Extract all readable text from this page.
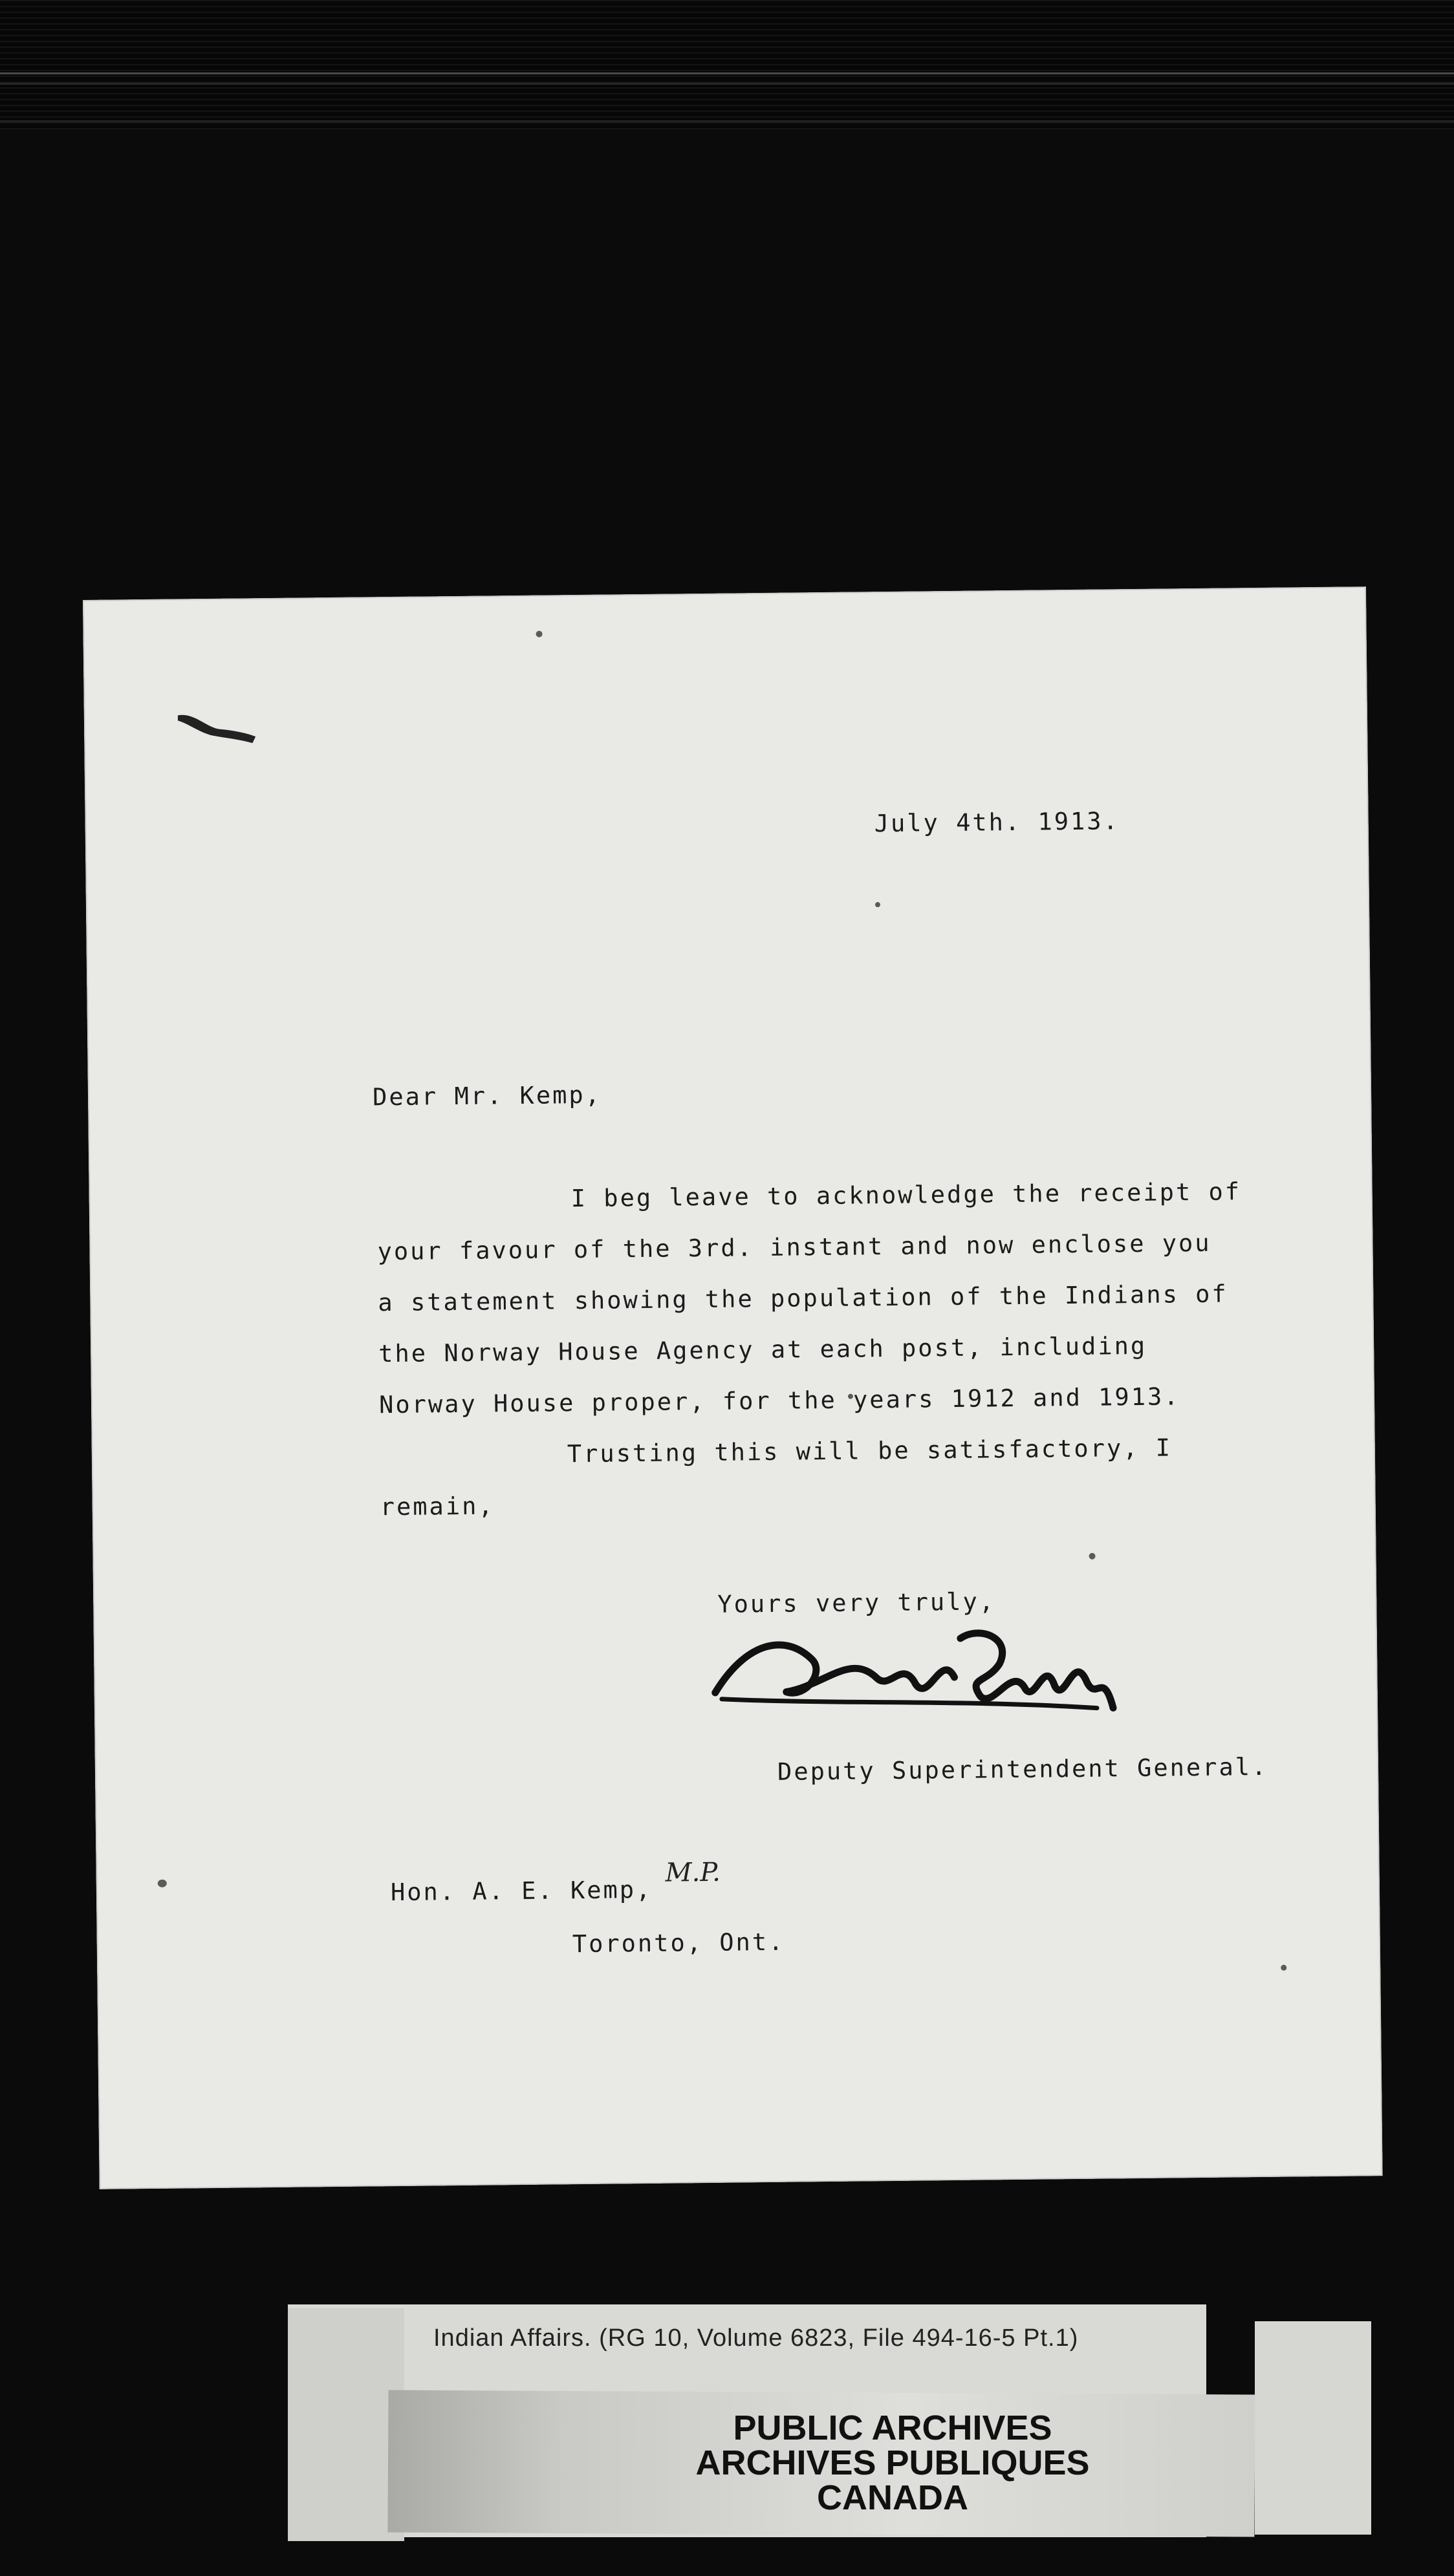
July 4th. 1913.
Dear Mr. Kemp,
I beg leave to acknowledge the receipt of
your favour of the 3rd. instant and now enclose you
a statement showing the population of the Indians of
the Norway House Agency at each post, including
Norway House proper, for the years 1912 and 1913.
Trusting this will be satisfactory, I
remain,
Yours very truly,
Deputy Superintendent General.
Hon. A. E. Kemp,
M.P.
Toronto, Ont.
Indian Affairs. (RG 10, Volume 6823, File 494-16-5 Pt.1)
PUBLIC ARCHIVES
ARCHIVES PUBLIQUES
CANADA
